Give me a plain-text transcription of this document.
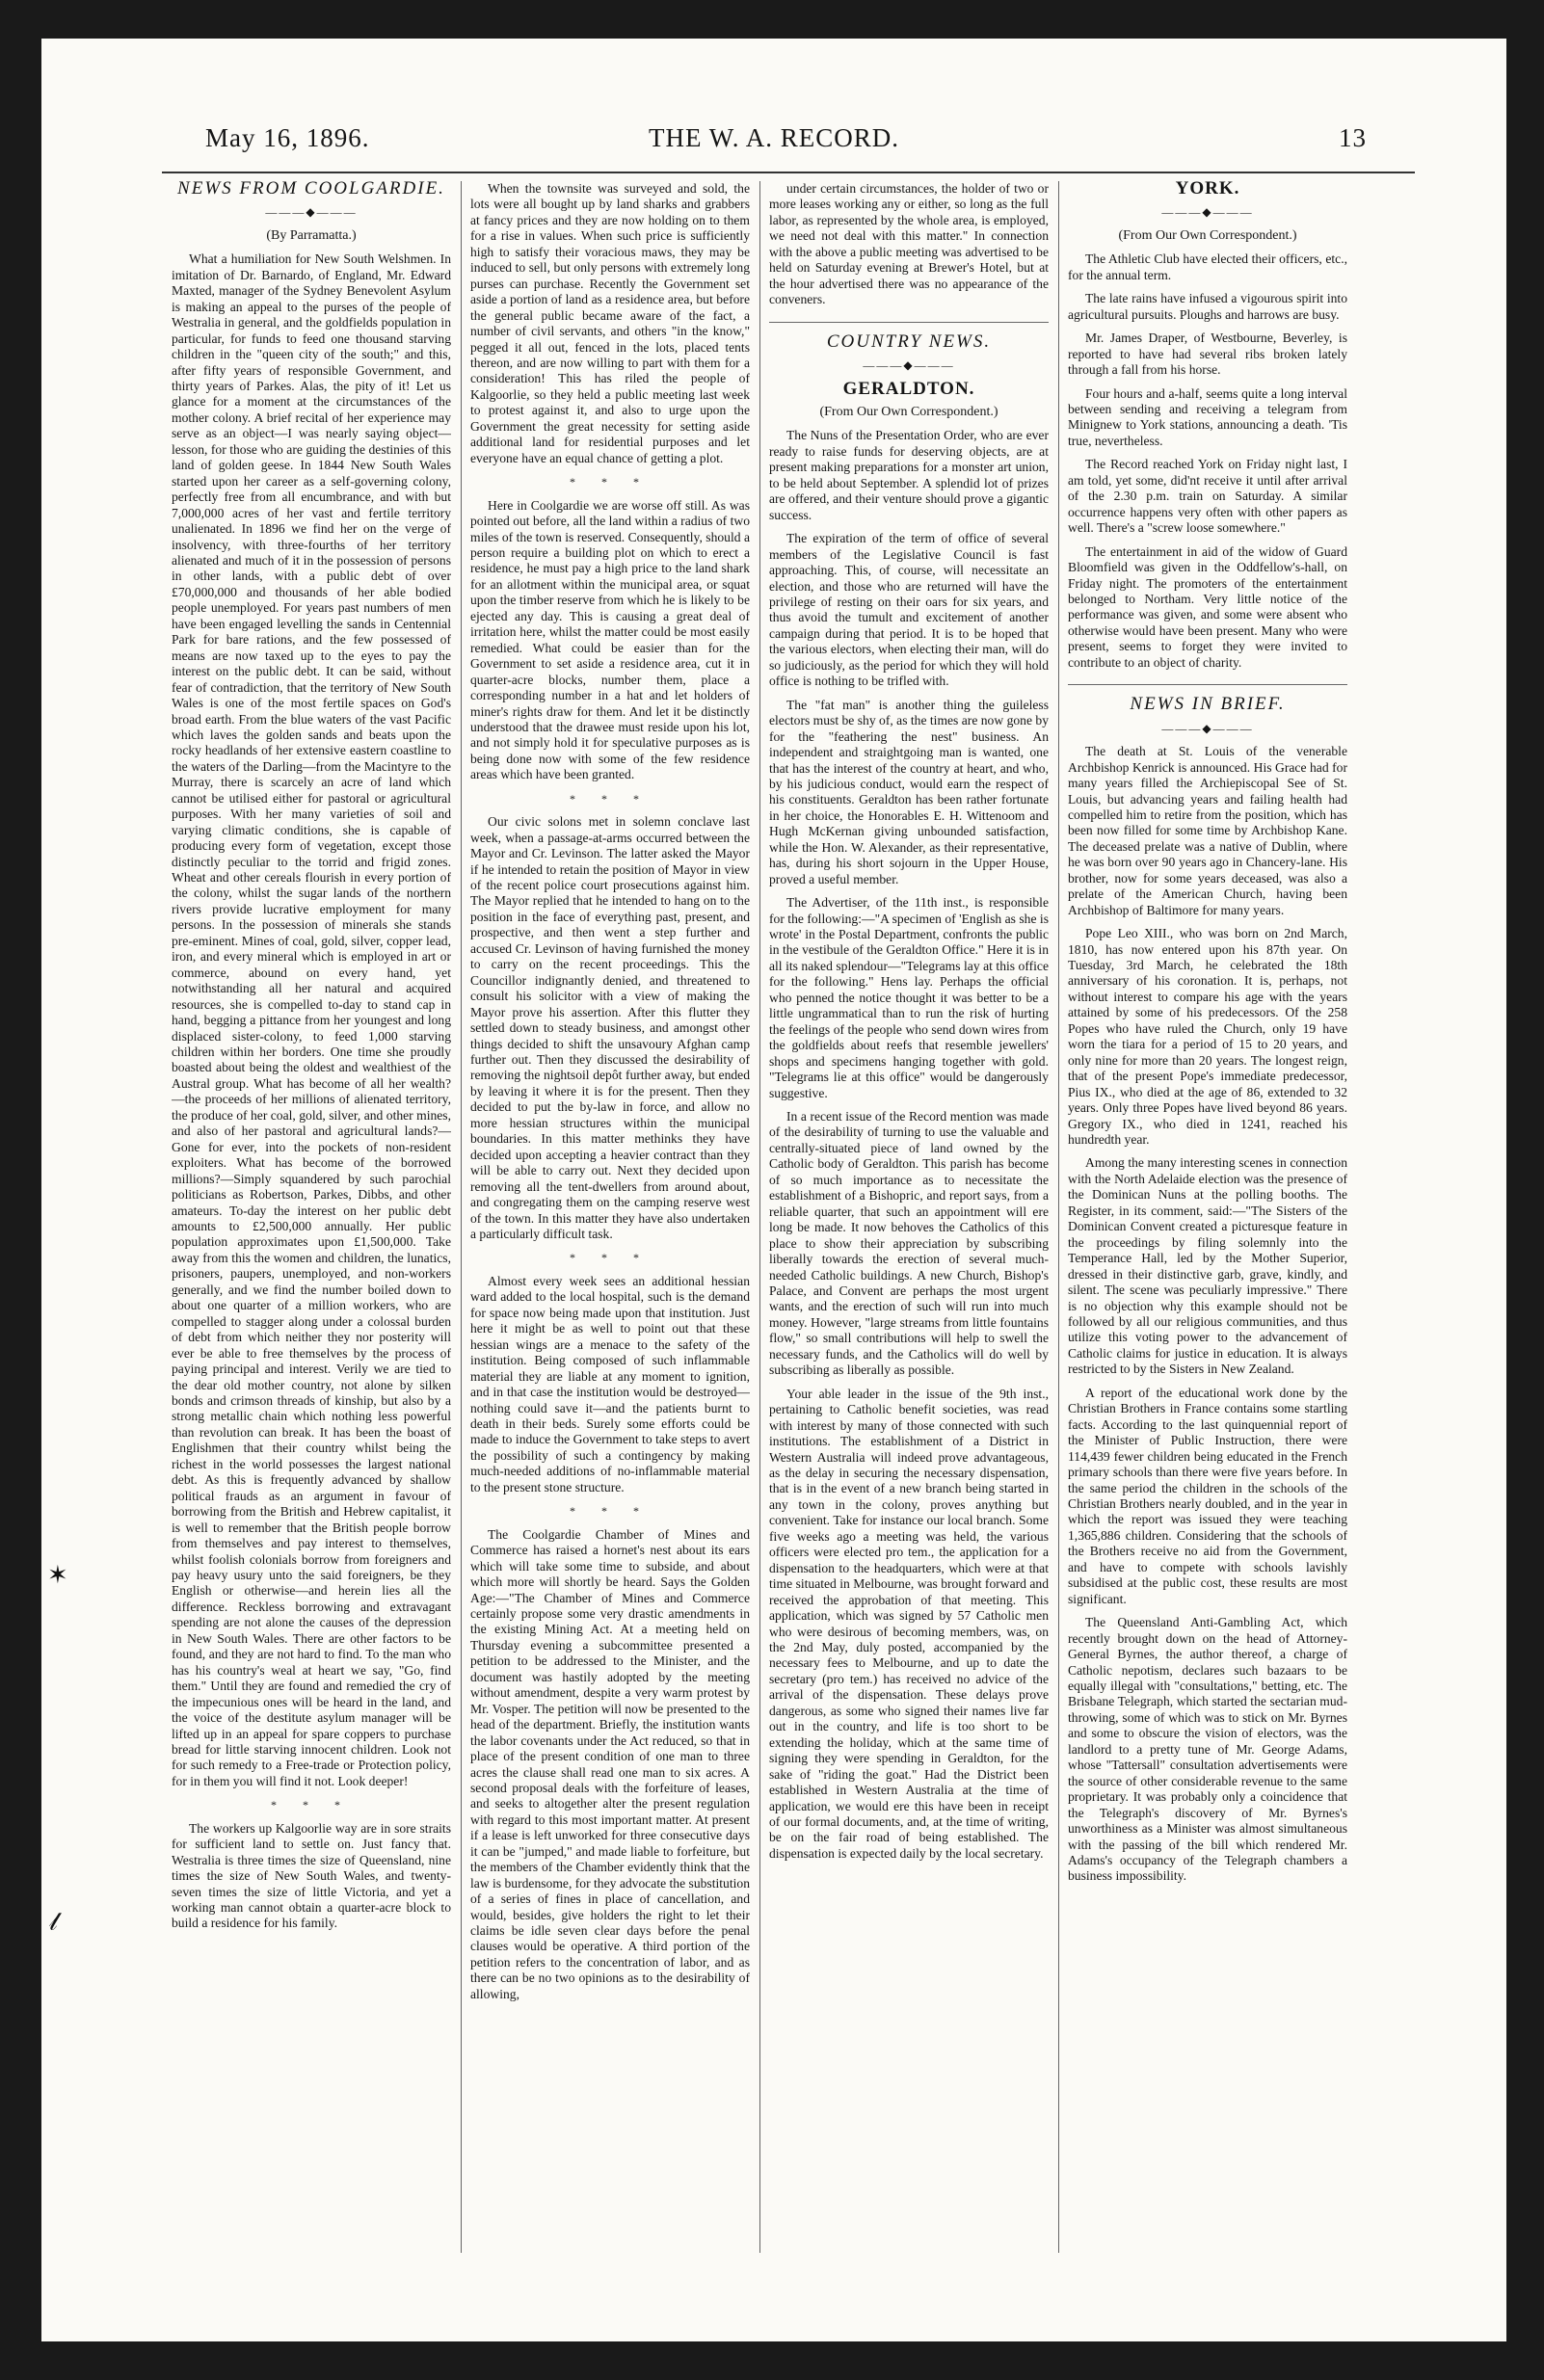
May 16, 1896.	THE W. A. RECORD.	13
✶
𝓁

NEWS FROM COOLGARDIE.

———◆———

(By Parramatta.)

What a humiliation for New South Welshmen. In imitation of Dr. Barnardo, of England, Mr. Edward Maxted, manager of the Sydney Benevolent Asylum is making an appeal to the purses of the people of Westralia in general, and the goldfields population in particular, for funds to feed one thousand starving children in the "queen city of the south;" and this, after fifty years of responsible Government, and thirty years of Parkes. Alas, the pity of it! Let us glance for a moment at the circumstances of the mother colony. A brief recital of her experience may serve as an object—I was nearly saying object—lesson, for those who are guiding the destinies of this land of golden geese. In 1844 New South Wales started upon her career as a self-governing colony, perfectly free from all encumbrance, and with but 7,000,000 acres of her vast and fertile territory unalienated. In 1896 we find her on the verge of insolvency, with three-fourths of her territory alienated and much of it in the possession of persons in other lands, with a public debt of over £70,000,000 and thousands of her able bodied people unemployed. For years past numbers of men have been engaged levelling the sands in Centennial Park for bare rations, and the few possessed of means are now taxed up to the eyes to pay the interest on the public debt. It can be said, without fear of contradiction, that the territory of New South Wales is one of the most fertile spaces on God's broad earth. From the blue waters of the vast Pacific which laves the golden sands and beats upon the rocky headlands of her extensive eastern coastline to the waters of the Darling—from the Macintyre to the Murray, there is scarcely an acre of land which cannot be utilised either for pastoral or agricultural purposes. With her many varieties of soil and varying climatic conditions, she is capable of producing every form of vegetation, except those distinctly peculiar to the torrid and frigid zones. Wheat and other cereals flourish in every portion of the colony, whilst the sugar lands of the northern rivers provide lucrative employment for many persons. In the possession of minerals she stands pre-eminent. Mines of coal, gold, silver, copper lead, iron, and every mineral which is employed in art or commerce, abound on every hand, yet notwithstanding all her natural and acquired resources, she is compelled to-day to stand cap in hand, begging a pittance from her youngest and long displaced sister-colony, to feed 1,000 starving children within her borders. One time she proudly boasted about being the oldest and wealthiest of the Austral group. What has become of all her wealth?—the proceeds of her millions of alienated territory, the produce of her coal, gold, silver, and other mines, and also of her pastoral and agricultural lands?—Gone for ever, into the pockets of non-resident exploiters. What has become of the borrowed millions?—Simply squandered by such parochial politicians as Robertson, Parkes, Dibbs, and other amateurs. To-day the interest on her public debt amounts to £2,500,000 annually. Her public population approximates upon £1,500,000. Take away from this the women and children, the lunatics, prisoners, paupers, unemployed, and non-workers generally, and we find the number boiled down to about one quarter of a million workers, who are compelled to stagger along under a colossal burden of debt from which neither they nor posterity will ever be able to free themselves by the process of paying principal and interest. Verily we are tied to the dear old mother country, not alone by silken bonds and crimson threads of kinship, but also by a strong metallic chain which nothing less powerful than revolution can break. It has been the boast of Englishmen that their country whilst being the richest in the world possesses the largest national debt. As this is frequently advanced by shallow political frauds as an argument in favour of borrowing from the British and Hebrew capitalist, it is well to remember that the British people borrow from themselves and pay interest to themselves, whilst foolish colonials borrow from foreigners and pay heavy usury unto the said foreigners, be they English or otherwise—and herein lies all the difference. Reckless borrowing and extravagant spending are not alone the causes of the depression in New South Wales. There are other factors to be found, and they are not hard to find. To the man who has his country's weal at heart we say, "Go, find them." Until they are found and remedied the cry of the impecunious ones will be heard in the land, and the voice of the destitute asylum manager will be lifted up in an appeal for spare coppers to purchase bread for little starving innocent children. Look not for such remedy to a Free-trade or Protection policy, for in them you will find it not. Look deeper!

* * *

The workers up Kalgoorlie way are in sore straits for sufficient land to settle on. Just fancy that. Westralia is three times the size of Queensland, nine times the size of New South Wales, and twenty-seven times the size of little Victoria, and yet a working man cannot obtain a quarter-acre block to build a residence for his family.

When the townsite was surveyed and sold, the lots were all bought up by land sharks and grabbers at fancy prices and they are now holding on to them for a rise in values. When such price is sufficiently high to satisfy their voracious maws, they may be induced to sell, but only persons with extremely long purses can purchase. Recently the Government set aside a portion of land as a residence area, but before the general public became aware of the fact, a number of civil servants, and others "in the know," pegged it all out, fenced in the lots, placed tents thereon, and are now willing to part with them for a consideration! This has riled the people of Kalgoorlie, so they held a public meeting last week to protest against it, and also to urge upon the Government the great necessity for setting aside additional land for residential purposes and let everyone have an equal chance of getting a plot.

* * *

Here in Coolgardie we are worse off still. As was pointed out before, all the land within a radius of two miles of the town is reserved. Consequently, should a person require a building plot on which to erect a residence, he must pay a high price to the land shark for an allotment within the municipal area, or squat upon the timber reserve from which he is likely to be ejected any day. This is causing a great deal of irritation here, whilst the matter could be most easily remedied. What could be easier than for the Government to set aside a residence area, cut it in quarter-acre blocks, number them, place a corresponding number in a hat and let holders of miner's rights draw for them. And let it be distinctly understood that the drawee must reside upon his lot, and not simply hold it for speculative purposes as is being done now with some of the few residence areas which have been granted.

* * *

Our civic solons met in solemn conclave last week, when a passage-at-arms occurred between the Mayor and Cr. Levinson. The latter asked the Mayor if he intended to retain the position of Mayor in view of the recent police court prosecutions against him. The Mayor replied that he intended to hang on to the position in the face of everything past, present, and prospective, and then went a step further and accused Cr. Levinson of having furnished the money to carry on the recent proceedings. This the Councillor indignantly denied, and threatened to consult his solicitor with a view of making the Mayor prove his assertion. After this flutter they settled down to steady business, and amongst other things decided to shift the unsavoury Afghan camp further out. Then they discussed the desirability of removing the nightsoil depôt further away, but ended by leaving it where it is for the present. Then they decided to put the by-law in force, and allow no more hessian structures within the municipal boundaries. In this matter methinks they have decided upon accepting a heavier contract than they will be able to carry out. Next they decided upon removing all the tent-dwellers from around about, and congregating them on the camping reserve west of the town. In this matter they have also undertaken a particularly difficult task.

* * *

Almost every week sees an additional hessian ward added to the local hospital, such is the demand for space now being made upon that institution. Just here it might be as well to point out that these hessian wings are a menace to the safety of the institution. Being composed of such inflammable material they are liable at any moment to ignition, and in that case the institution would be destroyed—nothing could save it—and the patients burnt to death in their beds. Surely some efforts could be made to induce the Government to take steps to avert the possibility of such a contingency by making much-needed additions of no-inflammable material to the present stone structure.

* * *

The Coolgardie Chamber of Mines and Commerce has raised a hornet's nest about its ears which will take some time to subside, and about which more will shortly be heard. Says the Golden Age:—"The Chamber of Mines and Commerce certainly propose some very drastic amendments in the existing Mining Act. At a meeting held on Thursday evening a subcommittee presented a petition to be addressed to the Minister, and the document was hastily adopted by the meeting without amendment, despite a very warm protest by Mr. Vosper. The petition will now be presented to the head of the department. Briefly, the institution wants the labor covenants under the Act reduced, so that in place of the present condition of one man to three acres the clause shall read one man to six acres. A second proposal deals with the forfeiture of leases, and seeks to altogether alter the present regulation with regard to this most important matter. At present if a lease is left unworked for three consecutive days it can be "jumped," and made liable to forfeiture, but the members of the Chamber evidently think that the law is burdensome, for they advocate the substitution of a series of fines in place of cancellation, and would, besides, give holders the right to let their claims be idle seven clear days before the penal clauses would be operative. A third portion of the petition refers to the concentration of labor, and as there can be no two opinions as to the desirability of allowing,

under certain circumstances, the holder of two or more leases working any or either, so long as the full labor, as represented by the whole area, is employed, we need not deal with this matter." In connection with the above a public meeting was advertised to be held on Saturday evening at Brewer's Hotel, but at the hour advertised there was no appearance of the conveners.

COUNTRY NEWS.

———◆———

GERALDTON.

(From Our Own Correspondent.)

The Nuns of the Presentation Order, who are ever ready to raise funds for deserving objects, are at present making preparations for a monster art union, to be held about September. A splendid lot of prizes are offered, and their venture should prove a gigantic success.

The expiration of the term of office of several members of the Legislative Council is fast approaching. This, of course, will necessitate an election, and those who are returned will have the privilege of resting on their oars for six years, and thus avoid the tumult and excitement of another campaign during that period. It is to be hoped that the various electors, when electing their man, will do so judiciously, as the period for which they will hold office is nothing to be trifled with.

The "fat man" is another thing the guileless electors must be shy of, as the times are now gone by for the "feathering the nest" business. An independent and straightgoing man is wanted, one that has the interest of the country at heart, and who, by his judicious conduct, would earn the respect of his constituents. Geraldton has been rather fortunate in her choice, the Honorables E. H. Wittenoom and Hugh McKernan giving unbounded satisfaction, while the Hon. W. Alexander, as their representative, has, during his short sojourn in the Upper House, proved a useful member.

The Advertiser, of the 11th inst., is responsible for the following:—"A specimen of 'English as she is wrote' in the Postal Department, confronts the public in the vestibule of the Geraldton Office." Here it is in all its naked splendour—"Telegrams lay at this office for the following." Hens lay. Perhaps the official who penned the notice thought it was better to be a little ungrammatical than to run the risk of hurting the feelings of the people who send down wires from the goldfields about reefs that resemble jewellers' shops and specimens hanging together with gold. "Telegrams lie at this office" would be dangerously suggestive.

In a recent issue of the Record mention was made of the desirability of turning to use the valuable and centrally-situated piece of land owned by the Catholic body of Geraldton. This parish has become of so much importance as to necessitate the establishment of a Bishopric, and report says, from a reliable quarter, that such an appointment will ere long be made. It now behoves the Catholics of this place to show their appreciation by subscribing liberally towards the erection of several much-needed Catholic buildings. A new Church, Bishop's Palace, and Convent are perhaps the most urgent wants, and the erection of such will run into much money. However, "large streams from little fountains flow," so small contributions will help to swell the necessary funds, and the Catholics will do well by subscribing as liberally as possible.

Your able leader in the issue of the 9th inst., pertaining to Catholic benefit societies, was read with interest by many of those connected with such institutions. The establishment of a District in Western Australia will indeed prove advantageous, as the delay in securing the necessary dispensation, that is in the event of a new branch being started in any town in the colony, proves anything but convenient. Take for instance our local branch. Some five weeks ago a meeting was held, the various officers were elected pro tem., the application for a dispensation to the headquarters, which were at that time situated in Melbourne, was brought forward and received the approbation of that meeting. This application, which was signed by 57 Catholic men who were desirous of becoming members, was, on the 2nd May, duly posted, accompanied by the necessary fees to Melbourne, and up to date the secretary (pro tem.) has received no advice of the arrival of the dispensation. These delays prove dangerous, as some who signed their names live far out in the country, and life is too short to be extending the holiday, which at the same time of signing they were spending in Geraldton, for the sake of "riding the goat." Had the District been established in Western Australia at the time of application, we would ere this have been in receipt of our formal documents, and, at the time of writing, be on the fair road of being established. The dispensation is expected daily by the local secretary.

YORK.

———◆———

(From Our Own Correspondent.)

The Athletic Club have elected their officers, etc., for the annual term.

The late rains have infused a vigourous spirit into agricultural pursuits. Ploughs and harrows are busy.

Mr. James Draper, of Westbourne, Beverley, is reported to have had several ribs broken lately through a fall from his horse.

Four hours and a-half, seems quite a long interval between sending and receiving a telegram from Minignew to York stations, announcing a death. 'Tis true, nevertheless.

The Record reached York on Friday night last, I am told, yet some, did'nt receive it until after arrival of the 2.30 p.m. train on Saturday. A similar occurrence happens very often with other papers as well. There's a "screw loose somewhere."

The entertainment in aid of the widow of Guard Bloomfield was given in the Oddfellow's-hall, on Friday night. The promoters of the entertainment belonged to Northam. Very little notice of the performance was given, and some were absent who otherwise would have been present. Many who were present, seems to forget they were invited to contribute to an object of charity.

NEWS IN BRIEF.

———◆———

The death at St. Louis of the venerable Archbishop Kenrick is announced. His Grace had for many years filled the Archiepiscopal See of St. Louis, but advancing years and failing health had compelled him to retire from the position, which has been now filled for some time by Archbishop Kane. The deceased prelate was a native of Dublin, where he was born over 90 years ago in Chancery-lane. His brother, now for some years deceased, was also a prelate of the American Church, having been Archbishop of Baltimore for many years.

Pope Leo XIII., who was born on 2nd March, 1810, has now entered upon his 87th year. On Tuesday, 3rd March, he celebrated the 18th anniversary of his coronation. It is, perhaps, not without interest to compare his age with the years attained by some of his predecessors. Of the 258 Popes who have ruled the Church, only 19 have worn the tiara for a period of 15 to 20 years, and only nine for more than 20 years. The longest reign, that of the present Pope's immediate predecessor, Pius IX., who died at the age of 86, extended to 32 years. Only three Popes have lived beyond 86 years. Gregory IX., who died in 1241, reached his hundredth year.

Among the many interesting scenes in connection with the North Adelaide election was the presence of the Dominican Nuns at the polling booths. The Register, in its comment, said:—"The Sisters of the Dominican Convent created a picturesque feature in the proceedings by filing solemnly into the Temperance Hall, led by the Mother Superior, dressed in their distinctive garb, grave, kindly, and silent. The scene was peculiarly impressive." There is no objection why this example should not be followed by all our religious communities, and thus utilize this voting power to the advancement of Catholic claims for justice in education. It is always restricted to by the Sisters in New Zealand.

A report of the educational work done by the Christian Brothers in France contains some startling facts. According to the last quinquennial report of the Minister of Public Instruction, there were 114,439 fewer children being educated in the French primary schools than there were five years before. In the same period the children in the schools of the Christian Brothers nearly doubled, and in the year in which the report was issued they were teaching 1,365,886 children. Considering that the schools of the Brothers receive no aid from the Government, and have to compete with schools lavishly subsidised at the public cost, these results are most significant.

The Queensland Anti-Gambling Act, which recently brought down on the head of Attorney-General Byrnes, the author thereof, a charge of Catholic nepotism, declares such bazaars to be equally illegal with "consultations," betting, etc. The Brisbane Telegraph, which started the sectarian mud-throwing, some of which was to stick on Mr. Byrnes and some to obscure the vision of electors, was the landlord to a pretty tune of Mr. George Adams, whose "Tattersall" consultation advertisements were the source of other considerable revenue to the same proprietary. It was probably only a coincidence that the Telegraph's discovery of Mr. Byrnes's unworthiness as a Minister was almost simultaneous with the passing of the bill which rendered Mr. Adams's occupancy of the Telegraph chambers a business impossibility.
